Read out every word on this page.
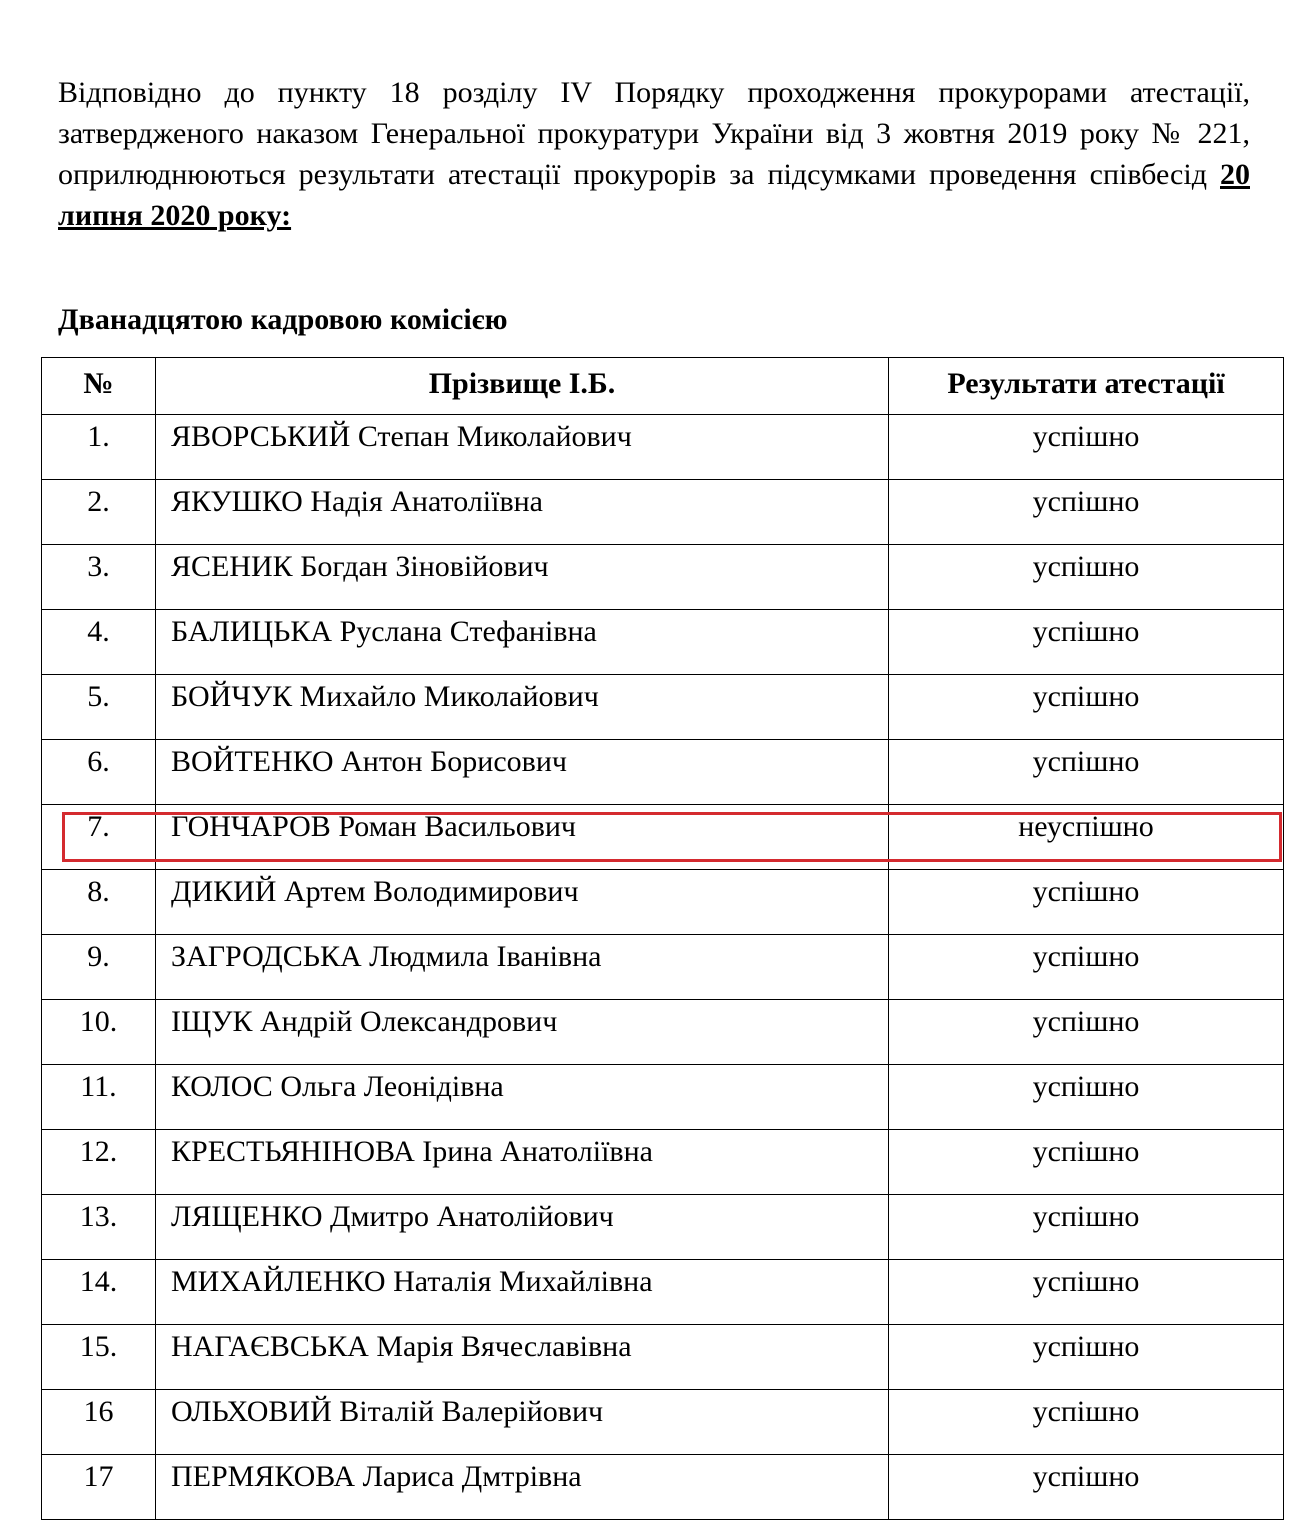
Відповідно до пункту 18 розділу IV Порядку проходження прокурорами атестації, затвердженого наказом Генеральної прокуратури України від 3 жовтня 2019 року № 221, оприлюднюються результати атестації прокурорів за підсумками проведення співбесід 20 липня 2020 року:

Дванадцятою кадровою комісією
№	Прізвище І.Б.	Результати атестації
1.	ЯВОРСЬКИЙ Степан Миколайович	успішно
2.	ЯКУШКО Надія Анатоліївна	успішно
3.	ЯСЕНИК Богдан Зіновійович	успішно
4.	БАЛИЦЬКА Руслана Стефанівна	успішно
5.	БОЙЧУК Михайло Миколайович	успішно
6.	ВОЙТЕНКО Антон Борисович	успішно
7.	ГОНЧАРОВ Роман Васильович	неуспішно
8.	ДИКИЙ Артем Володимирович	успішно
9.	ЗАГРОДСЬКА Людмила Іванівна	успішно
10.	ІЩУК Андрій Олександрович	успішно
11.	КОЛОС Ольга Леонідівна	успішно
12.	КРЕСТЬЯНІНОВА Ірина Анатоліївна	успішно
13.	ЛЯЩЕНКО Дмитро Анатолійович	успішно
14.	МИХАЙЛЕНКО Наталія Михайлівна	успішно
15.	НАГАЄВСЬКА Марія Вячеславівна	успішно
16	ОЛЬХОВИЙ Віталій Валерійович	успішно
17	ПЕРМЯКОВА Лариса Дмтрівна	успішно
